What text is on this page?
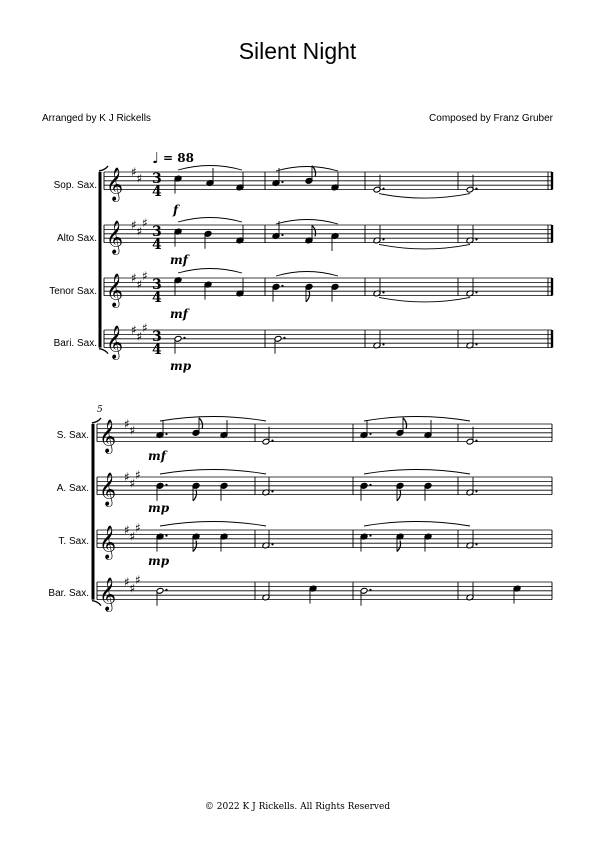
Silent Night
Arranged by K J Rickells	Composed by Franz Gruber
♩ = 88
Sop. Sax.
Alto Sax.
Tenor Sax.
Bari. Sax.
3
4
3
4
3
4
3
4
f
mf
mf
mp
5
S. Sax.
A. Sax.
T. Sax.
Bar. Sax.
mf
mp
mp
𝄞 ♯ ♯
𝄞 ♯ ♯
♯
𝄞 ♯ ♯
♯
𝄞 ♯ ♯
♯
𝄞 ♯ ♯
𝄞 ♯ ♯
♯
𝄞 ♯ ♯
♯
𝄞 ♯ ♯
♯
© 2022 K J Rickells. All Rights Reserved
